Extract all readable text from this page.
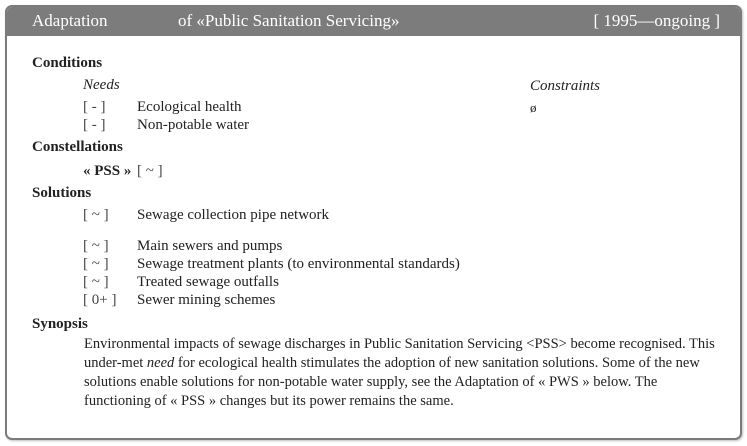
Adaptation	of «Public Sanitation Servicing»	[ 1995—ongoing ]
Conditions
Needs	Constraints
[ - ] Ecological health
[ - ] Non-potable water
ø
Constellations
« PSS » [ ~ ]
Solutions
[ ~ ] Sewage collection pipe network
[ ~ ] Main sewers and pumps
[ ~ ] Sewage treatment plants (to environmental standards)
[ ~ ] Treated sewage outfalls
[ 0+ ] Sewer mining schemes
Synopsis
Environmental impacts of sewage discharges in Public Sanitation Servicing <PSS> become recognised. This under-met need for ecological health stimulates the adoption of new sanitation solutions. Some of the new solutions enable solutions for non-potable water supply, see the Adaptation of « PWS » below. The functioning of « PSS » changes but its power remains the same.
